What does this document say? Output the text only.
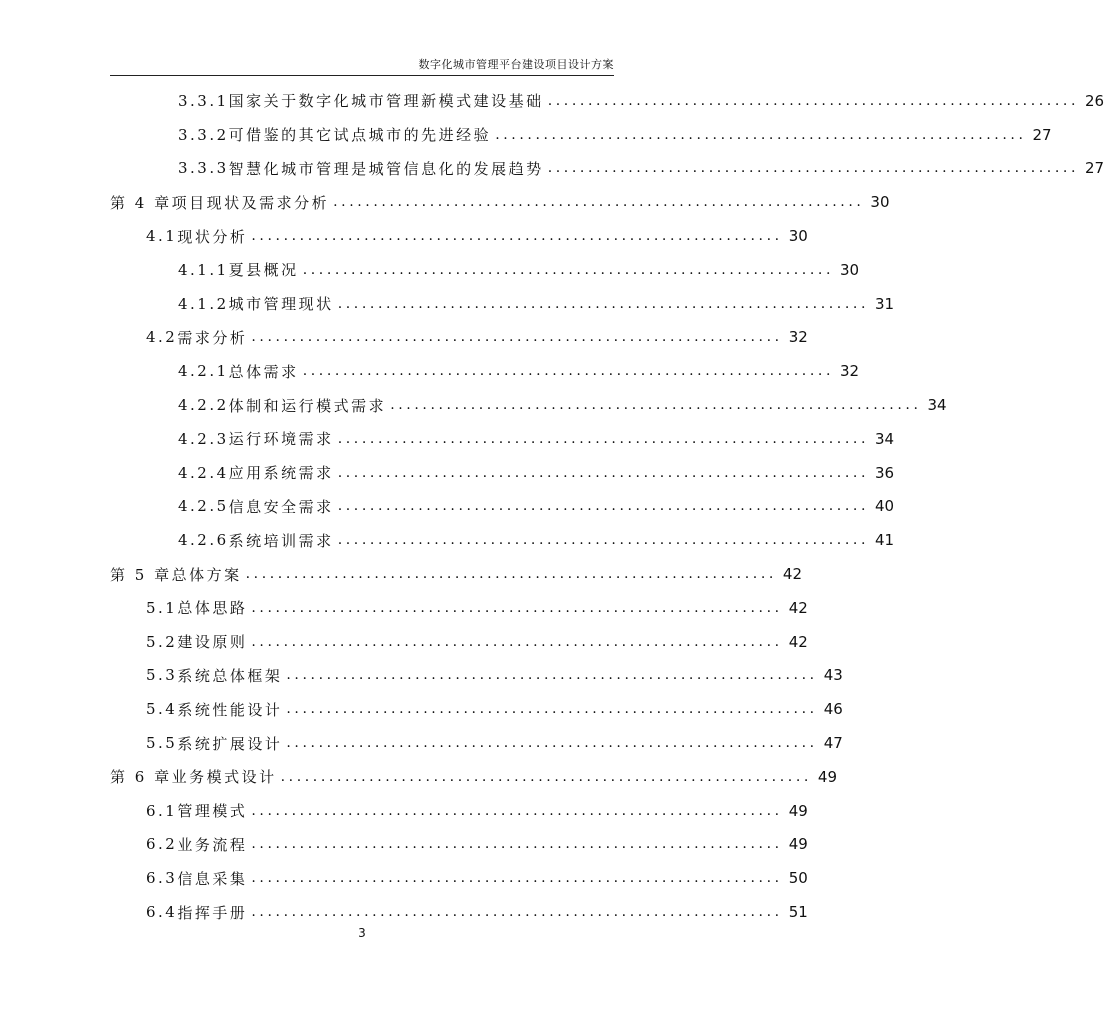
数字化城市管理平台建设项目设计方案
3.3.1 国家关于数字化城市管理新模式建设基础 .................................................................. 26
3.3.2 可借鉴的其它试点城市的先进经验 .................................................................. 27
3.3.3 智慧化城市管理是城管信息化的发展趋势 .................................................................. 27
第 4 章 项目现状及需求分析 .................................................................. 30
4.1 现状分析 .................................................................. 30
4.1.1 夏县概况 .................................................................. 30
4.1.2 城市管理现状 .................................................................. 31
4.2 需求分析 .................................................................. 32
4.2.1 总体需求 .................................................................. 32
4.2.2 体制和运行模式需求 .................................................................. 34
4.2.3 运行环境需求 .................................................................. 34
4.2.4 应用系统需求 .................................................................. 36
4.2.5 信息安全需求 .................................................................. 40
4.2.6 系统培训需求 .................................................................. 41
第 5 章 总体方案 .................................................................. 42
5.1 总体思路 .................................................................. 42
5.2 建设原则 .................................................................. 42
5.3 系统总体框架 .................................................................. 43
5.4 系统性能设计 .................................................................. 46
5.5 系统扩展设计 .................................................................. 47
第 6 章 业务模式设计 .................................................................. 49
6.1 管理模式 .................................................................. 49
6.2 业务流程 .................................................................. 49
6.3 信息采集 .................................................................. 50
6.4 指挥手册 .................................................................. 51
3
